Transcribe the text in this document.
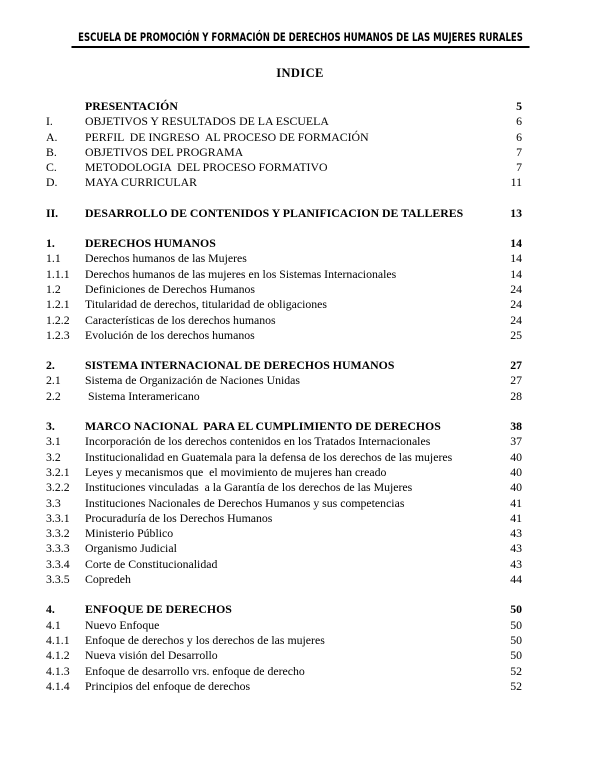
ESCUELA DE PROMOCIÓN Y FORMACIÓN DE DERECHOS HUMANOS DE LAS MUJERES RURALES
INDICE
PRESENTACIÓN	5
I.	OBJETIVOS Y RESULTADOS DE LA ESCUELA	6
A.	PERFIL  DE INGRESO  AL PROCESO DE FORMACIÓN	6
B.	OBJETIVOS DEL PROGRAMA	7
C.	METODOLOGIA  DEL PROCESO FORMATIVO	7
D.	MAYA CURRICULAR	11
II.	DESARROLLO DE CONTENIDOS Y PLANIFICACION DE TALLERES	13
1.	DERECHOS HUMANOS	14
1.1	Derechos humanos de las Mujeres	14
1.1.1	Derechos humanos de las mujeres en los Sistemas Internacionales	14
1.2	Definiciones de Derechos Humanos	24
1.2.1	Titularidad de derechos, titularidad de obligaciones	24
1.2.2	Características de los derechos humanos	24
1.2.3	Evolución de los derechos humanos	25
2.	SISTEMA INTERNACIONAL DE DERECHOS HUMANOS	27
2.1	Sistema de Organización de Naciones Unidas	27
2.2	Sistema Interamericano	28
3.	MARCO NACIONAL  PARA EL CUMPLIMIENTO DE DERECHOS	38
3.1	Incorporación de los derechos contenidos en los Tratados Internacionales	37
3.2	Institucionalidad en Guatemala para la defensa de los derechos de las mujeres	40
3.2.1	Leyes y mecanismos que  el movimiento de mujeres han creado	40
3.2.2	Instituciones vinculadas  a la Garantía de los derechos de las Mujeres	40
3.3	Instituciones Nacionales de Derechos Humanos y sus competencias	41
3.3.1	Procuraduría de los Derechos Humanos	41
3.3.2	Ministerio Público	43
3.3.3	Organismo Judicial	43
3.3.4	Corte de Constitucionalidad	43
3.3.5	Copredeh	44
4.	ENFOQUE DE DERECHOS	50
4.1	Nuevo Enfoque	50
4.1.1	Enfoque de derechos y los derechos de las mujeres	50
4.1.2	Nueva visión del Desarrollo	50
4.1.3	Enfoque de desarrollo vrs. enfoque de derecho	52
4.1.4	Principios del enfoque de derechos	52
